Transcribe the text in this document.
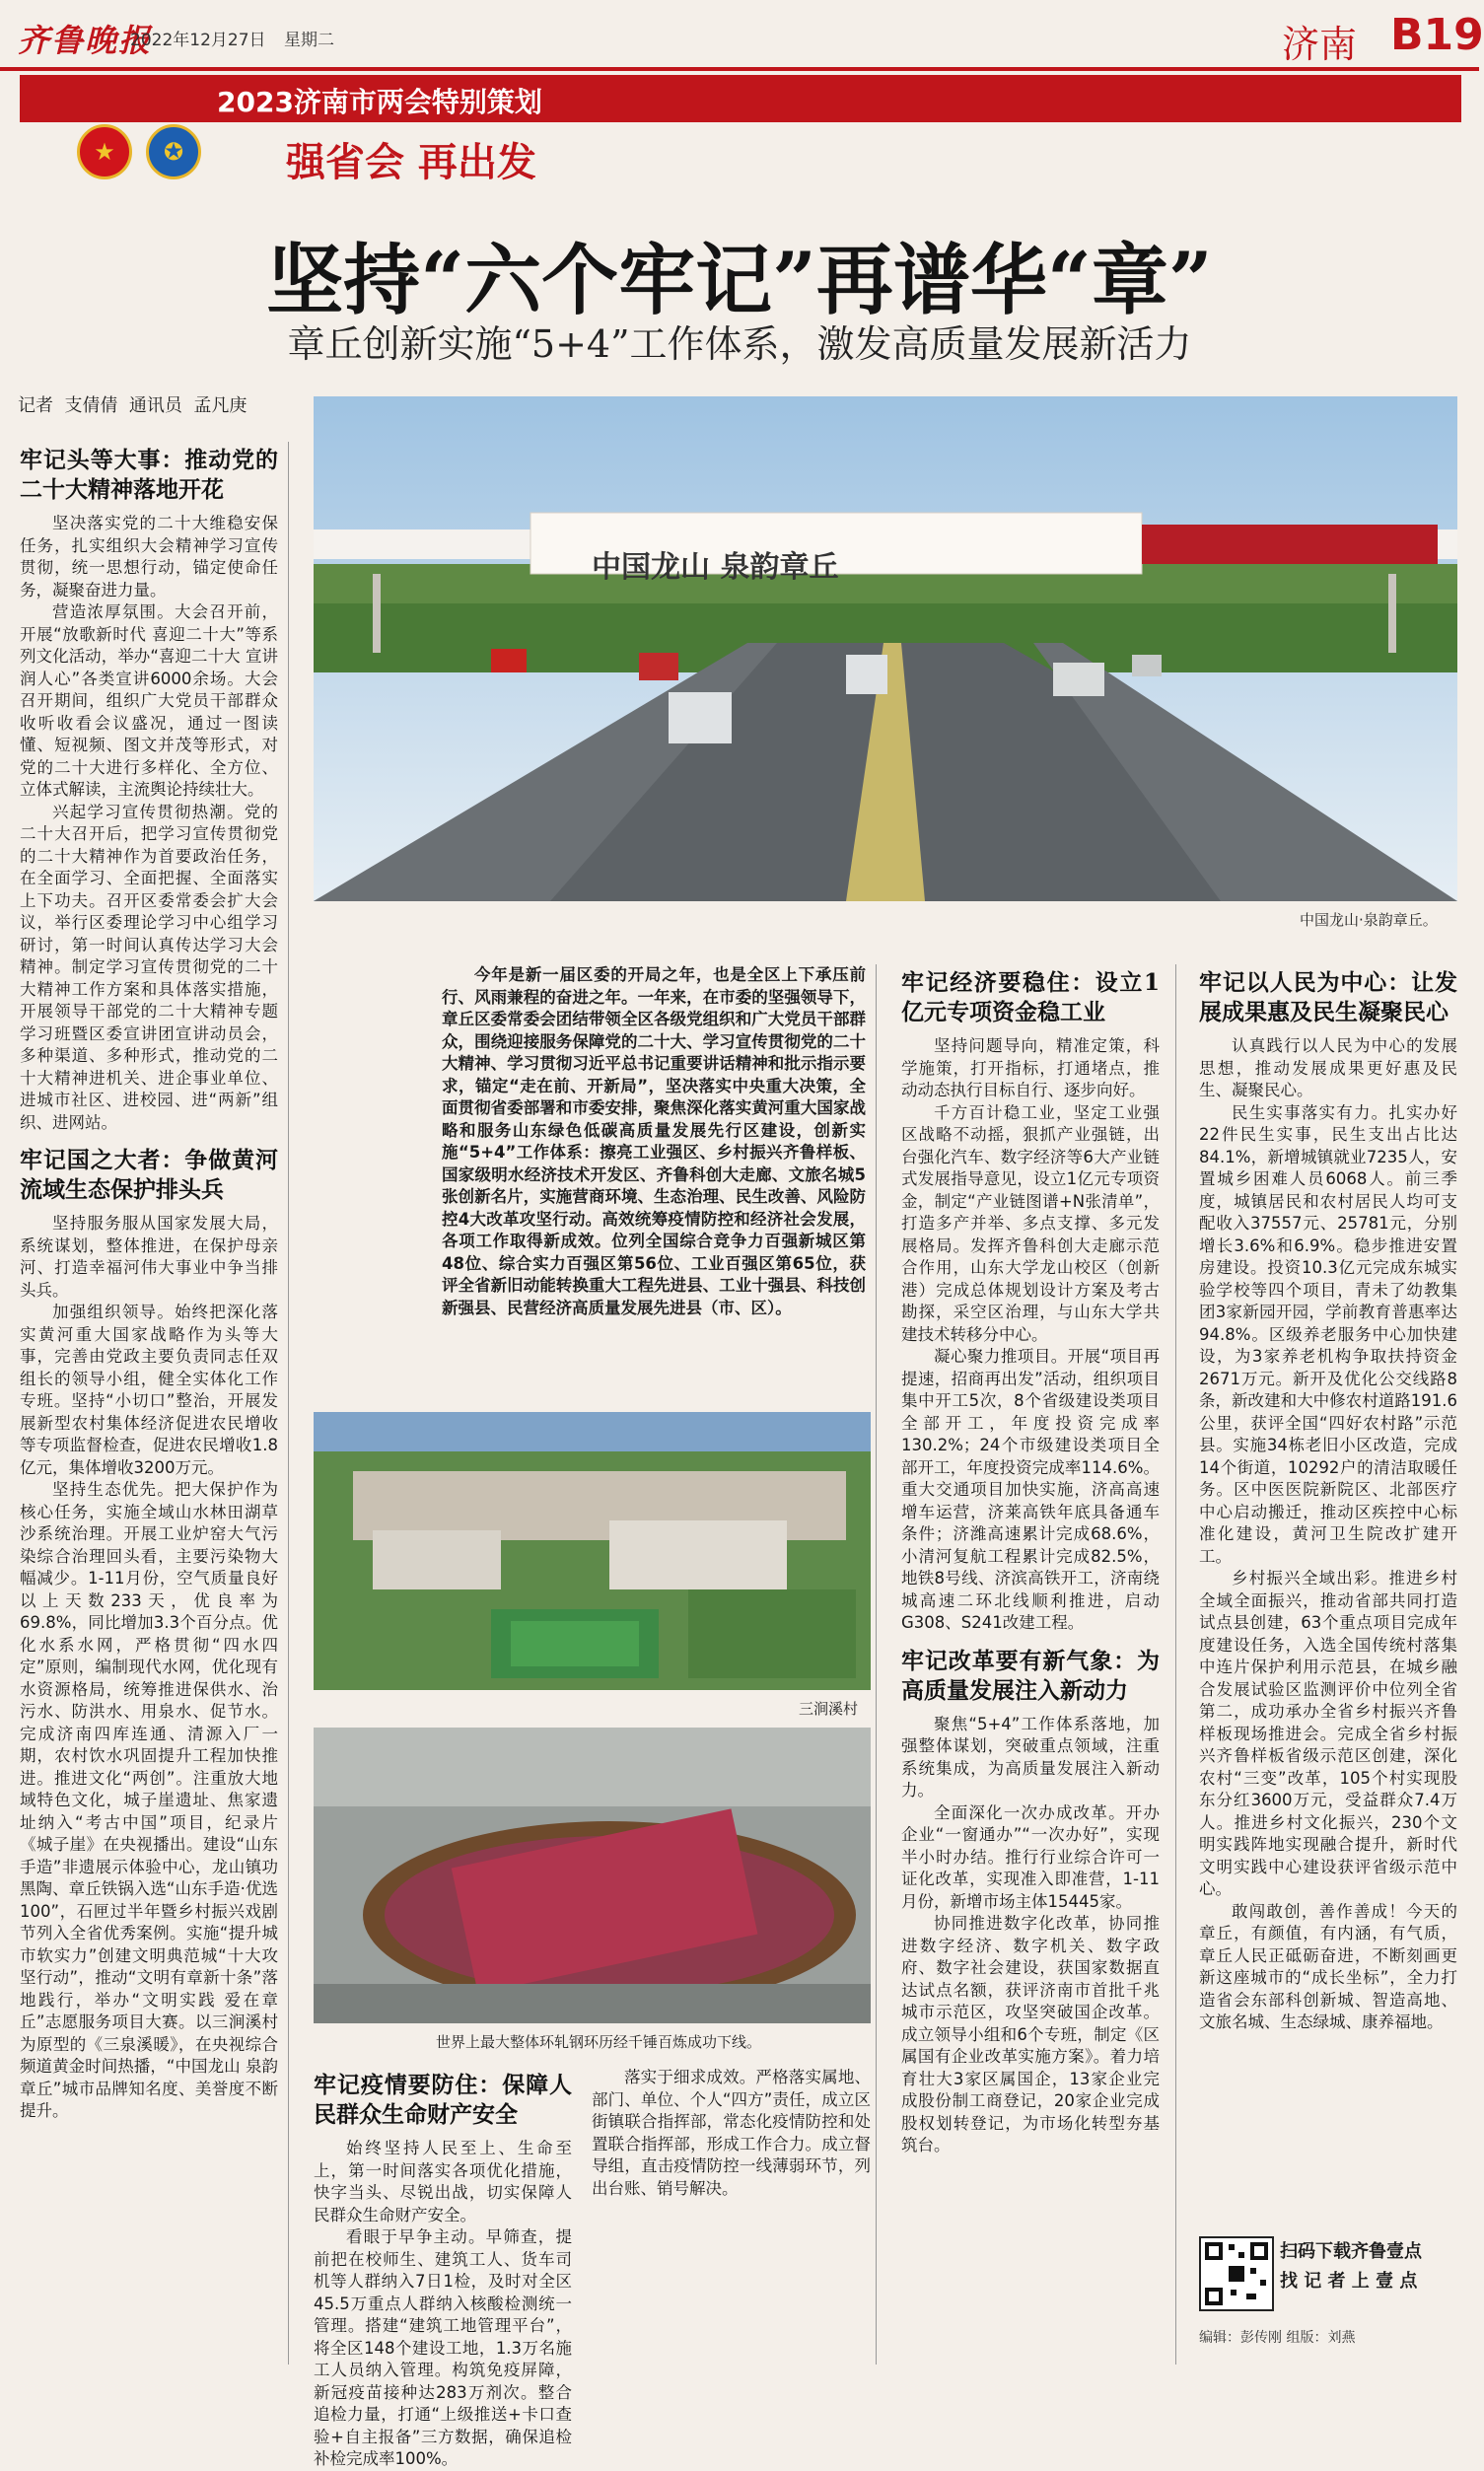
齐鲁晚报
2022年12月27日 星期二	济南 B19
2023济南市两会特别策划
★	✪	强省会 再出发
坚持“六个牢记”再谱华“章”
章丘创新实施“5+4”工作体系，激发高质量发展新活力
记者  支倩倩  通讯员  孟凡庚
牢记头等大事：推动党的二十大精神落地开花

坚决落实党的二十大维稳安保任务，扎实组织大会精神学习宣传贯彻，统一思想行动，锚定使命任务，凝聚奋进力量。

营造浓厚氛围。大会召开前，开展“放歌新时代 喜迎二十大”等系列文化活动，举办“喜迎二十大 宣讲润人心”各类宣讲6000余场。大会召开期间，组织广大党员干部群众收听收看会议盛况，通过一图读懂、短视频、图文并茂等形式，对党的二十大进行多样化、全方位、立体式解读，主流舆论持续壮大。

兴起学习宣传贯彻热潮。党的二十大召开后，把学习宣传贯彻党的二十大精神作为首要政治任务，在全面学习、全面把握、全面落实上下功夫。召开区委常委会扩大会议，举行区委理论学习中心组学习研讨，第一时间认真传达学习大会精神。制定学习宣传贯彻党的二十大精神工作方案和具体落实措施，开展领导干部党的二十大精神专题学习班暨区委宣讲团宣讲动员会，多种渠道、多种形式，推动党的二十大精神进机关、进企事业单位、进城市社区、进校园、进“两新”组织、进网站。

牢记国之大者：争做黄河流域生态保护排头兵

坚持服务服从国家发展大局，系统谋划，整体推进，在保护母亲河、打造幸福河伟大事业中争当排头兵。

加强组织领导。始终把深化落实黄河重大国家战略作为头等大事，完善由党政主要负责同志任双组长的领导小组，健全实体化工作专班。坚持“小切口”整治，开展发展新型农村集体经济促进农民增收等专项监督检查，促进农民增收1.8亿元，集体增收3200万元。

坚持生态优先。把大保护作为核心任务，实施全域山水林田湖草沙系统治理。开展工业炉窑大气污染综合治理回头看，主要污染物大幅减少。1-11月份，空气质量良好以上天数233天，优良率为69.8%，同比增加3.3个百分点。优化水系水网，严格贯彻“四水四定”原则，编制现代水网，优化现有水资源格局，统筹推进保供水、治污水、防洪水、用泉水、促节水。完成济南四库连通、清源入厂一期，农村饮水巩固提升工程加快推进。推进文化“两创”。注重放大地域特色文化，城子崖遗址、焦家遗址纳入“考古中国”项目，纪录片《城子崖》在央视播出。建设“山东手造”非遗展示体验中心，龙山镇功黑陶、章丘铁锅入选“山东手造·优选100”，石匣过半年暨乡村振兴戏剧节列入全省优秀案例。实施“提升城市软实力”创建文明典范城“十大攻坚行动”，推动“文明有章新十条”落地践行，举办“文明实践 爱在章丘”志愿服务项目大赛。以三涧溪村为原型的《三泉溪暖》，在央视综合频道黄金时间热播，“中国龙山 泉韵章丘”城市品牌知名度、美誉度不断提升。

中国龙山 泉韵章丘
中国龙山·泉韵章丘。

今年是新一届区委的开局之年，也是全区上下承压前行、风雨兼程的奋进之年。一年来，在市委的坚强领导下，章丘区委常委会团结带领全区各级党组织和广大党员干部群众，围绕迎接服务保障党的二十大、学习宣传贯彻党的二十大精神、学习贯彻习近平总书记重要讲话精神和批示指示要求，锚定“走在前、开新局”，坚决落实中央重大决策，全面贯彻省委部署和市委安排，聚焦深化落实黄河重大国家战略和服务山东绿色低碳高质量发展先行区建设，创新实施“5+4”工作体系：擦亮工业强区、乡村振兴齐鲁样板、国家级明水经济技术开发区、齐鲁科创大走廊、文旅名城5张创新名片，实施营商环境、生态治理、民生改善、风险防控4大改革攻坚行动。高效统筹疫情防控和经济社会发展，各项工作取得新成效。位列全国综合竞争力百强新城区第48位、综合实力百强区第56位、工业百强区第65位，获评全省新旧动能转换重大工程先进县、工业十强县、科技创新强县、民营经济高质量发展先进县（市、区）。

三涧溪村
世界上最大整体环轧钢环历经千锤百炼成功下线。
牢记疫情要防住：保障人民群众生命财产安全

始终坚持人民至上、生命至上，第一时间落实各项优化措施，快字当头、尽锐出战，切实保障人民群众生命财产安全。

看眼于早争主动。早筛查，提前把在校师生、建筑工人、货车司机等人群纳入7日1检，及时对全区45.5万重点人群纳入核酸检测统一管理。搭建“建筑工地管理平台”，将全区148个建设工地，1.3万名施工人员纳入管理。构筑免疫屏障，新冠疫苗接种达283万剂次。整合追检力量，打通“上级推送+卡口查验+自主报备”三方数据，确保追检补检完成率100%。

落实于细求成效。严格落实属地、部门、单位、个人“四方”责任，成立区街镇联合指挥部，常态化疫情防控和处置联合指挥部，形成工作合力。成立督导组，直击疫情防控一线薄弱环节，列出台账、销号解决。

牢记经济要稳住：设立1亿元专项资金稳工业

坚持问题导向，精准定策，科学施策，打开指标，打通堵点，推动动态执行目标自行、逐步向好。

千方百计稳工业，坚定工业强区战略不动摇，狠抓产业强链，出台强化汽车、数字经济等6大产业链式发展指导意见，设立1亿元专项资金，制定“产业链图谱+N张清单”，打造多产并举、多点支撑、多元发展格局。发挥齐鲁科创大走廊示范合作用，山东大学龙山校区（创新港）完成总体规划设计方案及考古勘探，采空区治理，与山东大学共建技术转移分中心。

凝心聚力推项目。开展“项目再提速，招商再出发”活动，组织项目集中开工5次，8个省级建设类项目全部开工，年度投资完成率130.2%；24个市级建设类项目全部开工，年度投资完成率114.6%。重大交通项目加快实施，济高高速增车运营，济莱高铁年底具备通车条件；济潍高速累计完成68.6%，小清河复航工程累计完成82.5%，地铁8号线、济滨高铁开工，济南绕城高速二环北线顺利推进，启动G308、S241改建工程。

牢记改革要有新气象：为高质量发展注入新动力

聚焦“5+4”工作体系落地，加强整体谋划，突破重点领域，注重系统集成，为高质量发展注入新动力。

全面深化一次办成改革。开办企业“一窗通办”“一次办好”，实现半小时办结。推行行业综合许可一证化改革，实现准入即准营，1-11月份，新增市场主体15445家。

协同推进数字化改革，协同推进数字经济、数字机关、数字政府、数字社会建设，获国家数据直达试点名额，获评济南市首批千兆城市示范区，攻坚突破国企改革。成立领导小组和6个专班，制定《区属国有企业改革实施方案》。着力培育壮大3家区属国企，13家企业完成股份制工商登记，20家企业完成股权划转登记，为市场化转型夯基筑台。

牢记以人民为中心：让发展成果惠及民生凝聚民心

认真践行以人民为中心的发展思想，推动发展成果更好惠及民生、凝聚民心。

民生实事落实有力。扎实办好22件民生实事，民生支出占比达84.1%，新增城镇就业7235人，安置城乡困难人员6068人。前三季度，城镇居民和农村居民人均可支配收入37557元、25781元，分别增长3.6%和6.9%。稳步推进安置房建设。投资10.3亿元完成东城实验学校等四个项目，青未了幼教集团3家新园开园，学前教育普惠率达94.8%。区级养老服务中心加快建设，为3家养老机构争取扶持资金2671万元。新开及优化公交线路8条，新改建和大中修农村道路191.6公里，获评全国“四好农村路”示范县。实施34栋老旧小区改造，完成14个街道，10292户的清洁取暖任务。区中医医院新院区、北部医疗中心启动搬迁，推动区疾控中心标准化建设，黄河卫生院改扩建开工。

乡村振兴全域出彩。推进乡村全域全面振兴，推动省部共同打造试点县创建，63个重点项目完成年度建设任务，入选全国传统村落集中连片保护利用示范县，在城乡融合发展试验区监测评价中位列全省第二，成功承办全省乡村振兴齐鲁样板现场推进会。完成全省乡村振兴齐鲁样板省级示范区创建，深化农村“三变”改革，105个村实现股东分红3600万元，受益群众7.4万人。推进乡村文化振兴，230个文明实践阵地实现融合提升，新时代文明实践中心建设获评省级示范中心。

敢闯敢创，善作善成！今天的章丘，有颜值，有内涵，有气质，章丘人民正砥砺奋进，不断刻画更新这座城市的“成长坐标”，全力打造省会东部科创新城、智造高地、文旅名城、生态绿城、康养福地。

扫码下载齐鲁壹点
找 记 者 上 壹 点
编辑：彭传刚 组版：刘燕
